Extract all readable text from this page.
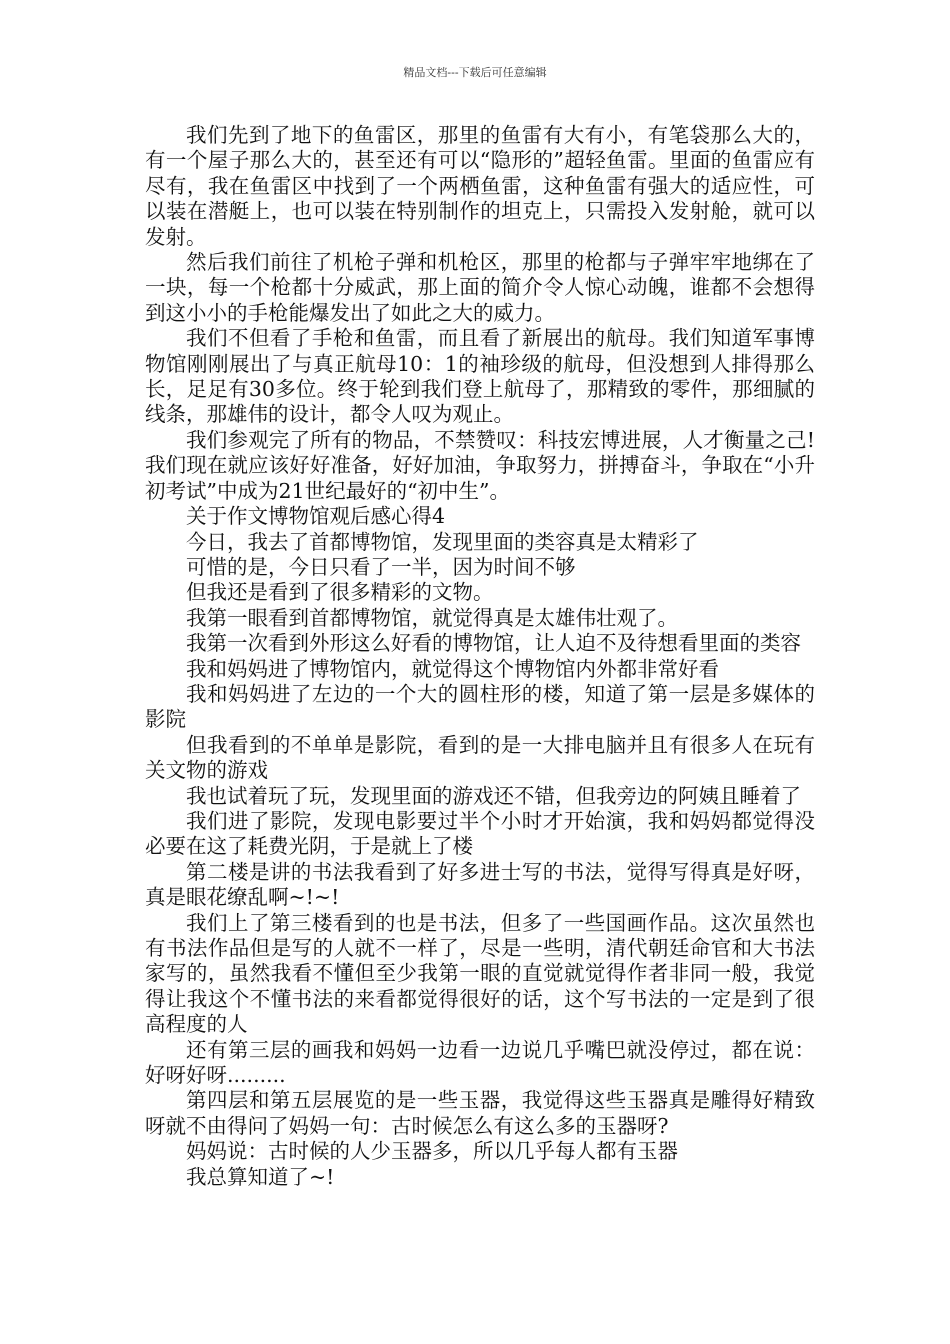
精品文档---下载后可任意编辑

我们先到了地下的鱼雷区，那里的鱼雷有大有小，有笔袋那么大的，有一个屋子那么大的，甚至还有可以“隐形的”超轻鱼雷。里面的鱼雷应有尽有，我在鱼雷区中找到了一个两栖鱼雷，这种鱼雷有强大的适应性，可以装在潜艇上，也可以装在特别制作的坦克上，只需投入发射舱，就可以发射。

然后我们前往了机枪子弹和机枪区，那里的枪都与子弹牢牢地绑在了一块，每一个枪都十分威武，那上面的简介令人惊心动魄，谁都不会想得到这小小的手枪能爆发出了如此之大的威力。

我们不但看了手枪和鱼雷，而且看了新展出的航母。我们知道军事博物馆刚刚展出了与真正航母10：1的袖珍级的航母，但没想到人排得那么长，足足有30多位。终于轮到我们登上航母了，那精致的零件，那细腻的线条，那雄伟的设计，都令人叹为观止。

我们参观完了所有的物品，不禁赞叹：科技宏博进展，人才衡量之己!我们现在就应该好好准备，好好加油，争取努力，拼搏奋斗，争取在“小升初考试”中成为21世纪最好的“初中生”。

关于作文博物馆观后感心得4

今日，我去了首都博物馆，发现里面的类容真是太精彩了

可惜的是，今日只看了一半，因为时间不够

但我还是看到了很多精彩的文物。

我第一眼看到首都博物馆，就觉得真是太雄伟壮观了。

我第一次看到外形这么好看的博物馆，让人迫不及待想看里面的类容

我和妈妈进了博物馆内，就觉得这个博物馆内外都非常好看

我和妈妈进了左边的一个大的圆柱形的楼，知道了第一层是多媒体的影院

但我看到的不单单是影院，看到的是一大排电脑并且有很多人在玩有关文物的游戏

我也试着玩了玩，发现里面的游戏还不错，但我旁边的阿姨且睡着了

我们进了影院，发现电影要过半个小时才开始演，我和妈妈都觉得没必要在这了耗费光阴，于是就上了楼

第二楼是讲的书法我看到了好多进士写的书法，觉得写得真是好呀，真是眼花缭乱啊~!~!

我们上了第三楼看到的也是书法，但多了一些国画作品。这次虽然也有书法作品但是写的人就不一样了，尽是一些明，清代朝廷命官和大书法家写的，虽然我看不懂但至少我第一眼的直觉就觉得作者非同一般，我觉得让我这个不懂书法的来看都觉得很好的话，这个写书法的一定是到了很高程度的人

还有第三层的画我和妈妈一边看一边说几乎嘴巴就没停过，都在说：好呀好呀.........

第四层和第五层展览的是一些玉器，我觉得这些玉器真是雕得好精致呀就不由得问了妈妈一句：古时候怎么有这么多的玉器呀?

妈妈说：古时候的人少玉器多，所以几乎每人都有玉器

我总算知道了~!
